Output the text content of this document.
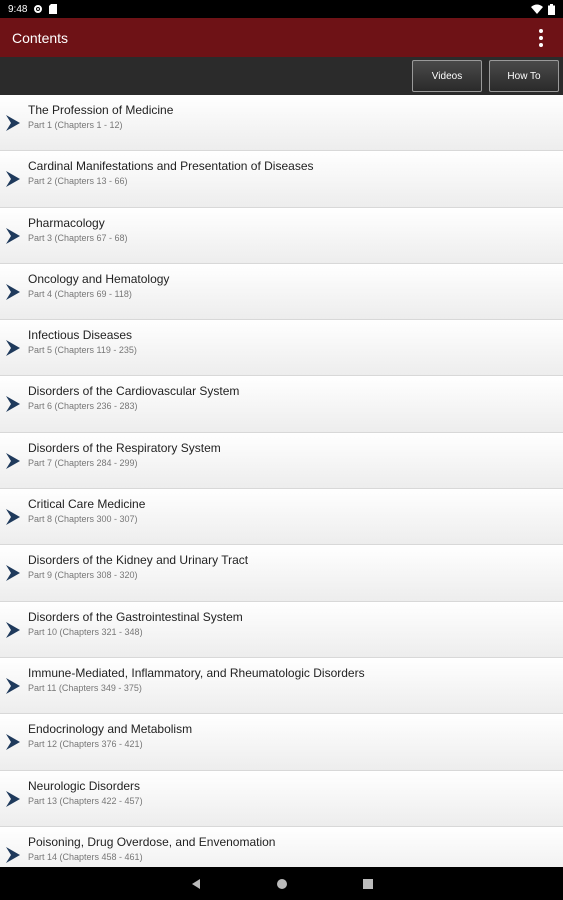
9:48
Contents
Videos	How To
The Profession of Medicine
Part 1 (Chapters 1 - 12)
Cardinal Manifestations and Presentation of Diseases
Part 2 (Chapters 13 - 66)
Pharmacology
Part 3 (Chapters 67 - 68)
Oncology and Hematology
Part 4 (Chapters 69 - 118)
Infectious Diseases
Part 5 (Chapters 119 - 235)
Disorders of the Cardiovascular System
Part 6 (Chapters 236 - 283)
Disorders of the Respiratory System
Part 7 (Chapters 284 - 299)
Critical Care Medicine
Part 8 (Chapters 300 - 307)
Disorders of the Kidney and Urinary Tract
Part 9 (Chapters 308 - 320)
Disorders of the Gastrointestinal System
Part 10 (Chapters 321 - 348)
Immune-Mediated, Inflammatory, and Rheumatologic Disorders
Part 11 (Chapters 349 - 375)
Endocrinology and Metabolism
Part 12 (Chapters 376 - 421)
Neurologic Disorders
Part 13 (Chapters 422 - 457)
Poisoning, Drug Overdose, and Envenomation
Part 14 (Chapters 458 - 461)
